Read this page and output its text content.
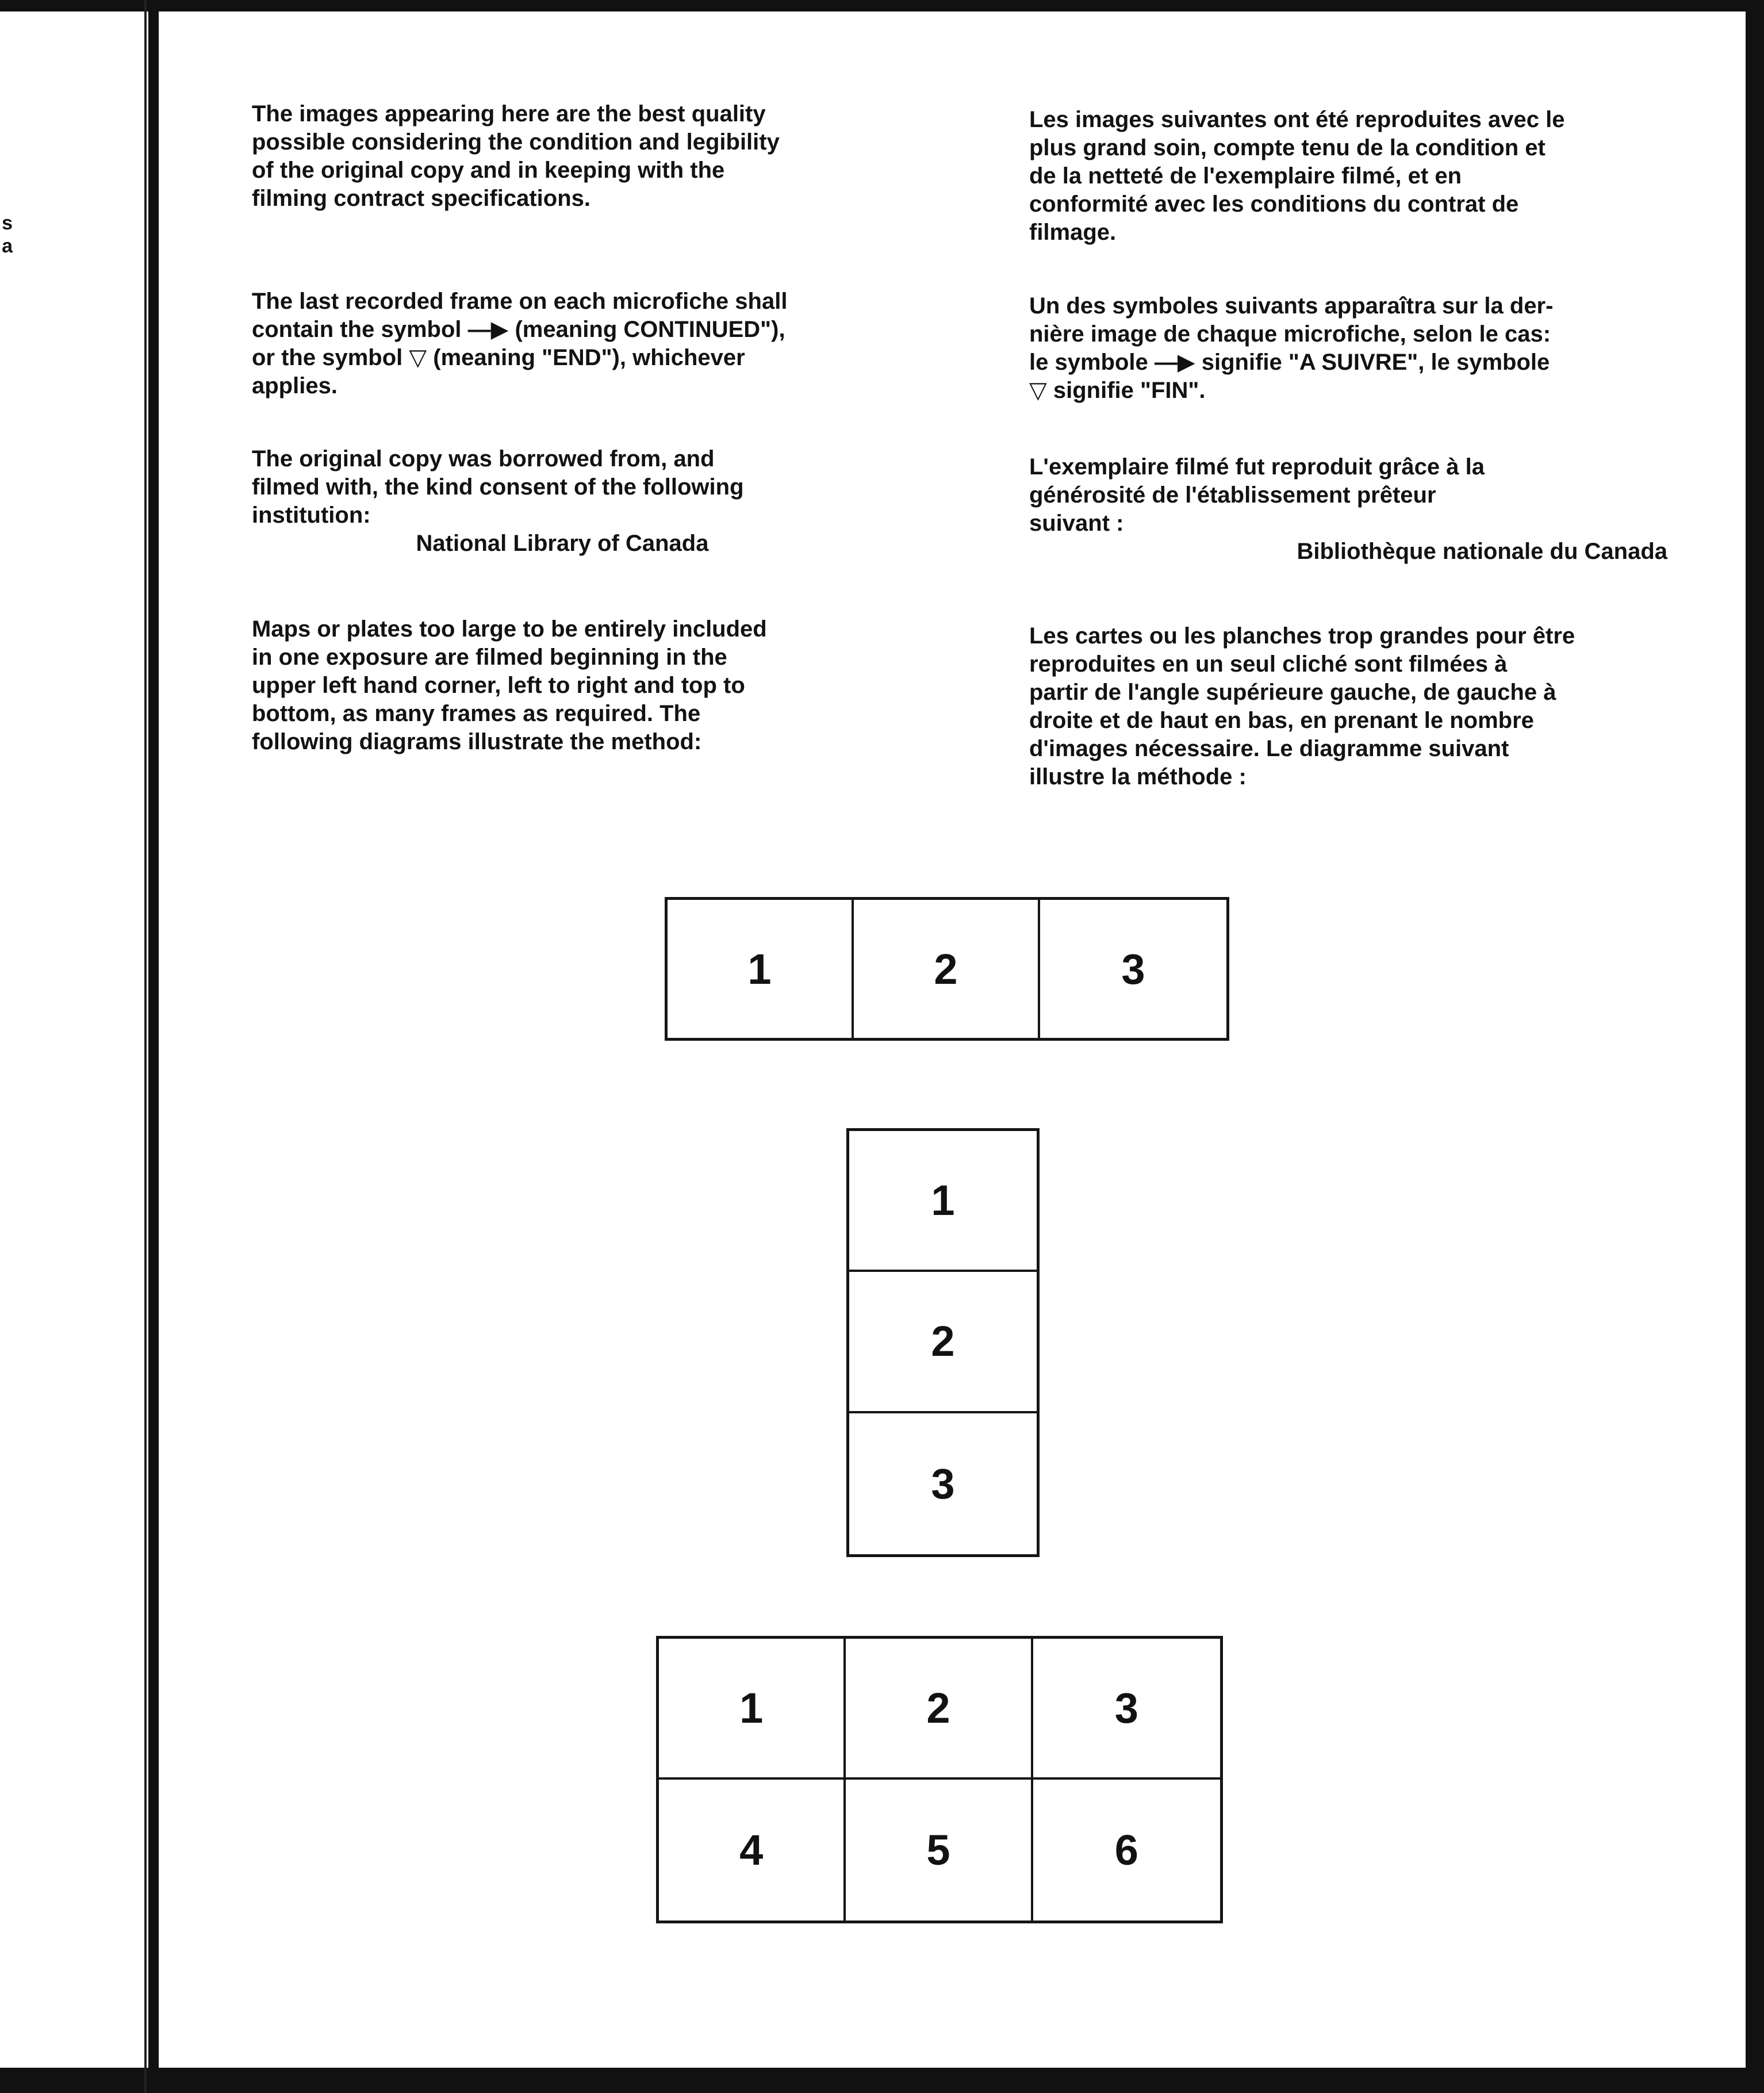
s
a
The images appearing here are the best quality
possible considering the condition and legibility
of the original copy and in keeping with the
filming contract specifications.
The last recorded frame on each microfiche shall
contain the symbol —▶ (meaning CONTINUED"),
or the symbol ▽ (meaning "END"), whichever
applies.
The original copy was borrowed from, and
filmed with, the kind consent of the following
institution:
National Library of Canada
Maps or plates too large to be entirely included
in one exposure are filmed beginning in the
upper left hand corner, left to right and top to
bottom, as many frames as required. The
following diagrams illustrate the method:
Les images suivantes ont été reproduites avec le
plus grand soin, compte tenu de la condition et
de la netteté de l'exemplaire filmé, et en
conformité avec les conditions du contrat de
filmage.
Un des symboles suivants apparaîtra sur la der-
nière image de chaque microfiche, selon le cas:
le symbole —▶ signifie "A SUIVRE", le symbole
▽ signifie "FIN".
L'exemplaire filmé fut reproduit grâce à la
générosité de l'établissement prêteur
suivant :
Bibliothèque nationale du Canada
Les cartes ou les planches trop grandes pour être
reproduites en un seul cliché sont filmées à
partir de l'angle supérieure gauche, de gauche à
droite et de haut en bas, en prenant le nombre
d'images nécessaire. Le diagramme suivant
illustre la méthode :
1	2	3
1
2
3
1	2	3
4	5	6
